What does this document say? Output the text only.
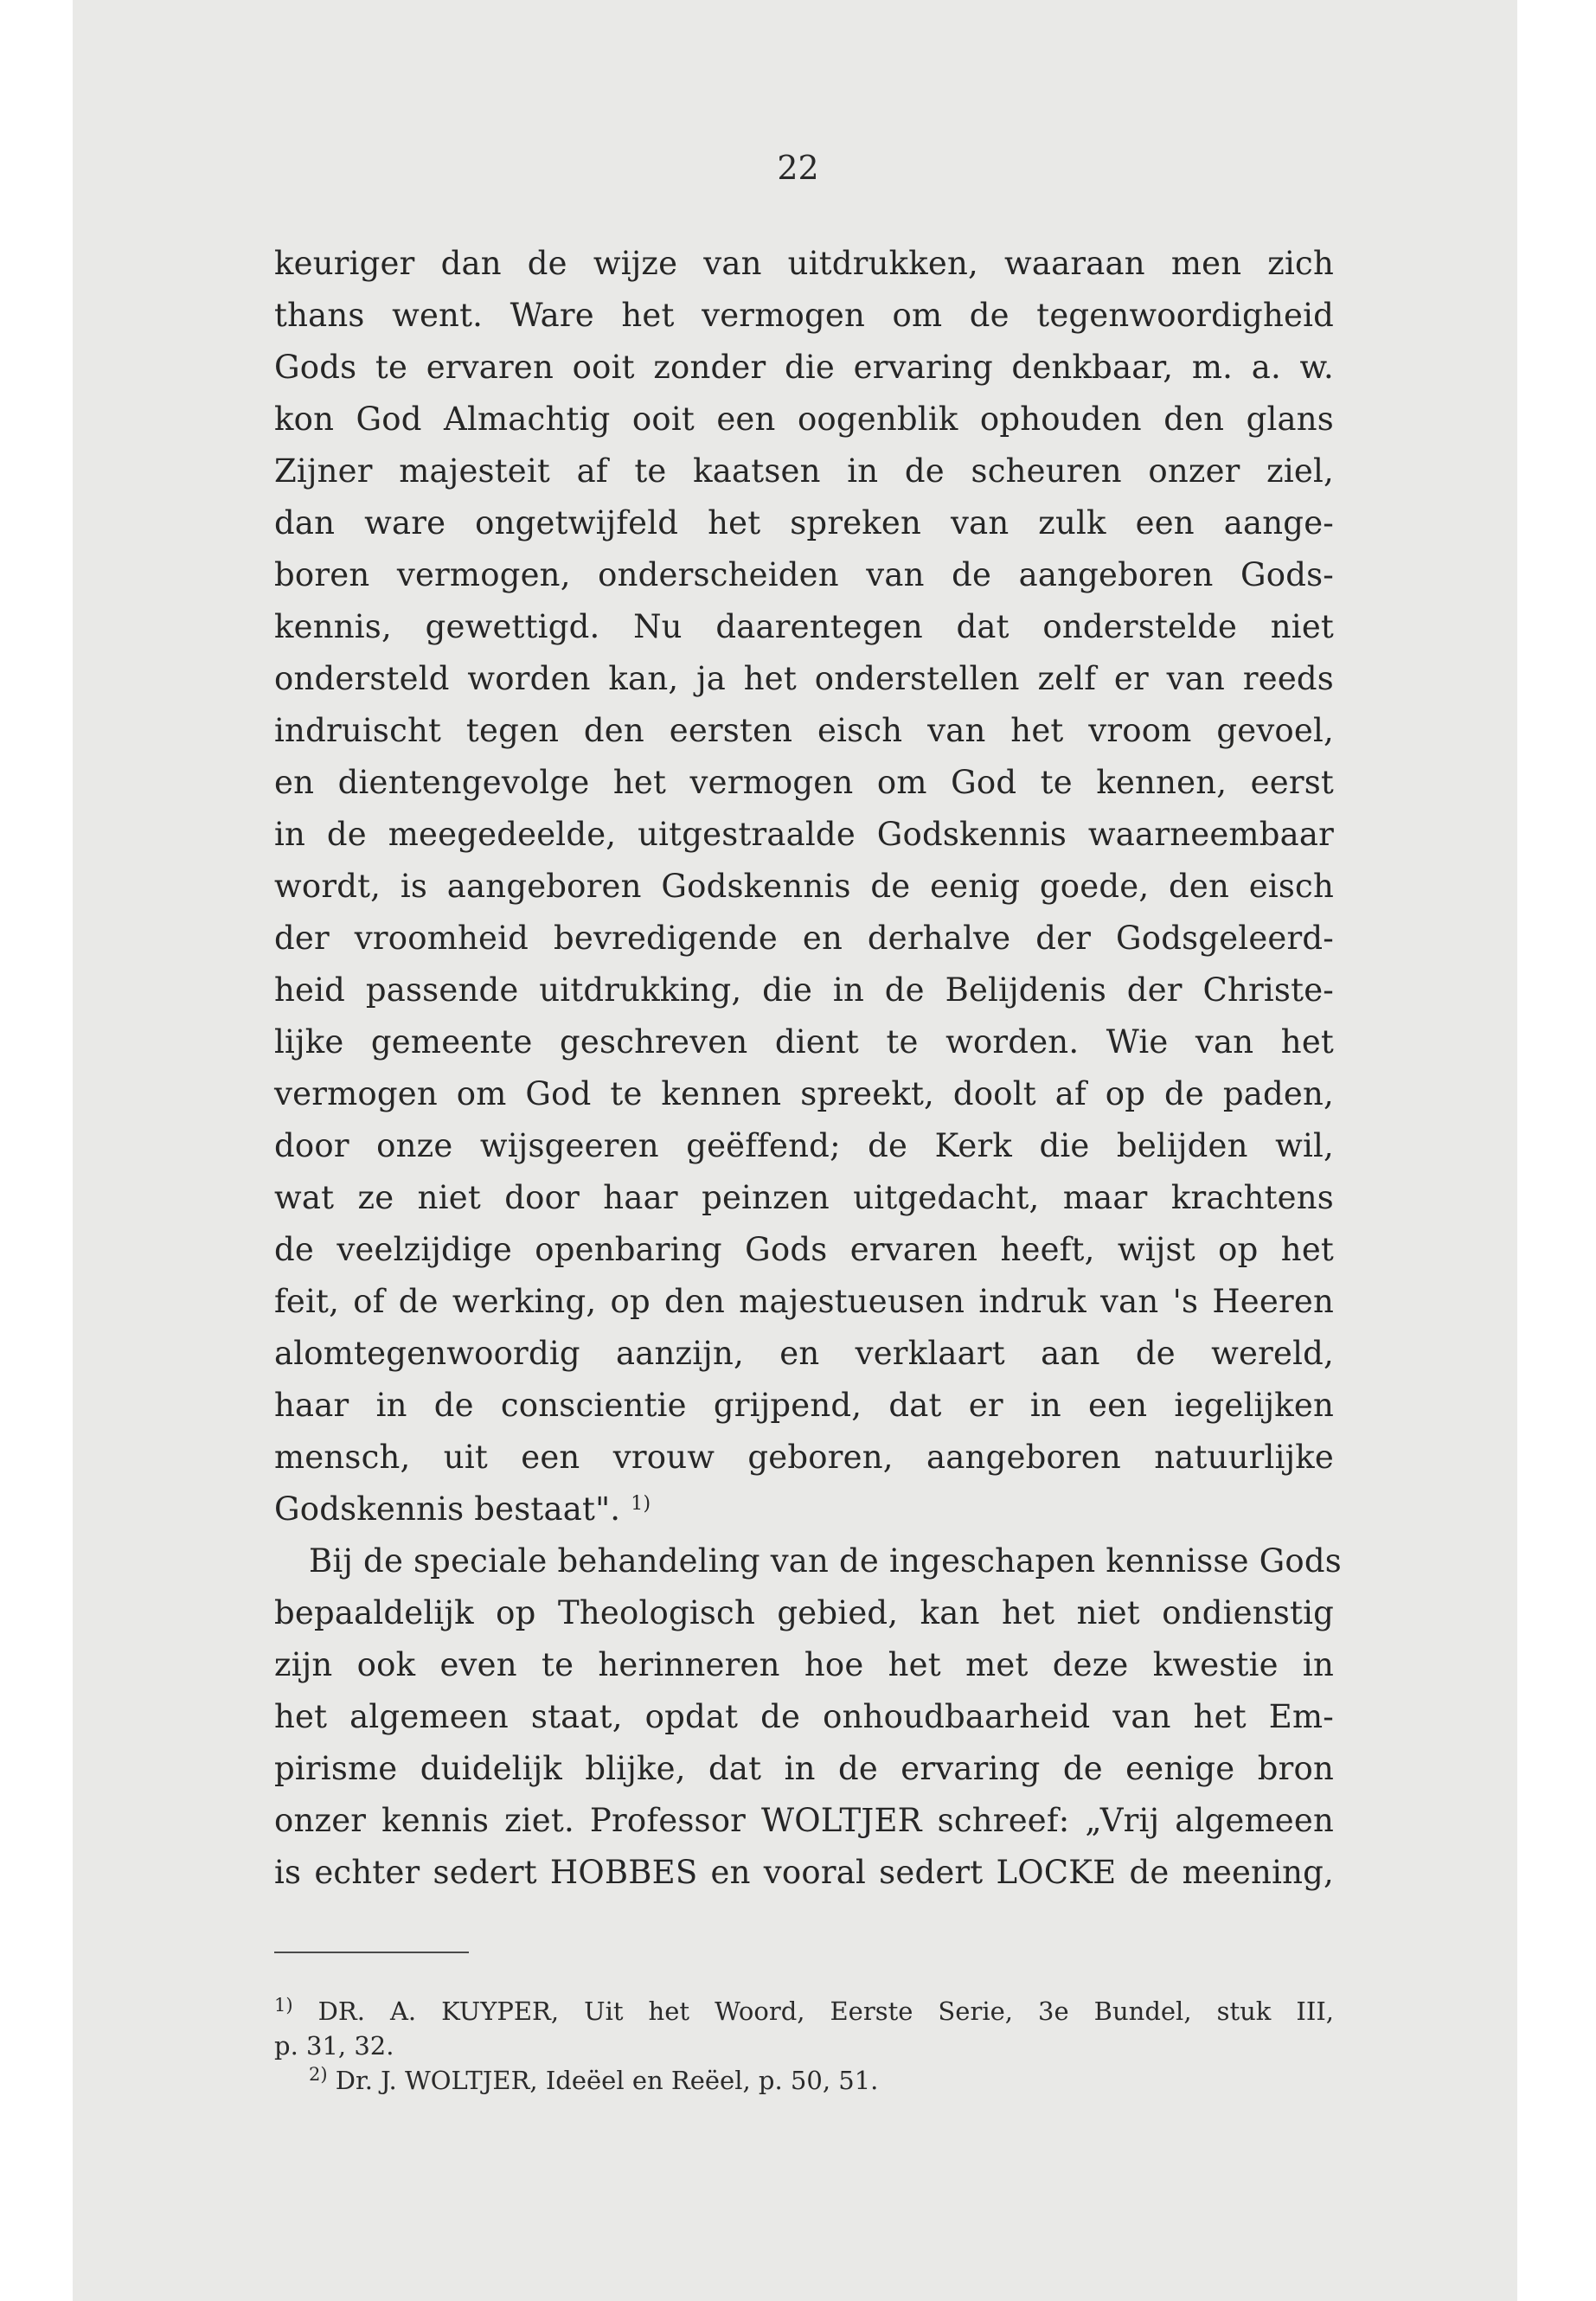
22
keuriger dan de wijze van uitdrukken, waaraan men zich
thans went. Ware het vermogen om de tegenwoordigheid
Gods te ervaren ooit zonder die ervaring denkbaar, m. a. w.
kon God Almachtig ooit een oogenblik ophouden den glans
Zijner majesteit af te kaatsen in de scheuren onzer ziel,
dan ware ongetwijfeld het spreken van zulk een aange-
boren vermogen, onderscheiden van de aangeboren Gods-
kennis, gewettigd. Nu daarentegen dat onderstelde niet
ondersteld worden kan, ja het onderstellen zelf er van reeds
indruischt tegen den eersten eisch van het vroom gevoel,
en dientengevolge het vermogen om God te kennen, eerst
in de meegedeelde, uitgestraalde Godskennis waarneembaar
wordt, is aangeboren Godskennis de eenig goede, den eisch
der vroomheid bevredigende en derhalve der Godsgeleerd-
heid passende uitdrukking, die in de Belijdenis der Christe-
lijke gemeente geschreven dient te worden. Wie van het
vermogen om God te kennen spreekt, doolt af op de paden,
door onze wijsgeeren geëffend; de Kerk die belijden wil,
wat ze niet door haar peinzen uitgedacht, maar krachtens
de veelzijdige openbaring Gods ervaren heeft, wijst op het
feit, of de werking, op den majestueusen indruk van 's Heeren
alomtegenwoordig aanzijn, en verklaart aan de wereld,
haar in de conscientie grijpend, dat er in een iegelijken
mensch, uit een vrouw geboren, aangeboren natuurlijke
Godskennis bestaat". $^{1)}$
Bij de speciale behandeling van de ingeschapen kennisse Gods
bepaaldelijk op Theologisch gebied, kan het niet ondienstig
zijn ook even te herinneren hoe het met deze kwestie in
het algemeen staat, opdat de onhoudbaarheid van het Em-
pirisme duidelijk blijke, dat in de ervaring de eenige bron
onzer kennis ziet. Professor WOLTJER schreef: „Vrij algemeen
is echter sedert HOBBES en vooral sedert LOCKE de meening,
$^{1)}$ DR. A. KUYPER, Uit het Woord, Eerste Serie, 3e Bundel, stuk III,
p. 31, 32.
$^{2)}$ Dr. J. WOLTJER, Ideëel en Reëel, p. 50, 51.
